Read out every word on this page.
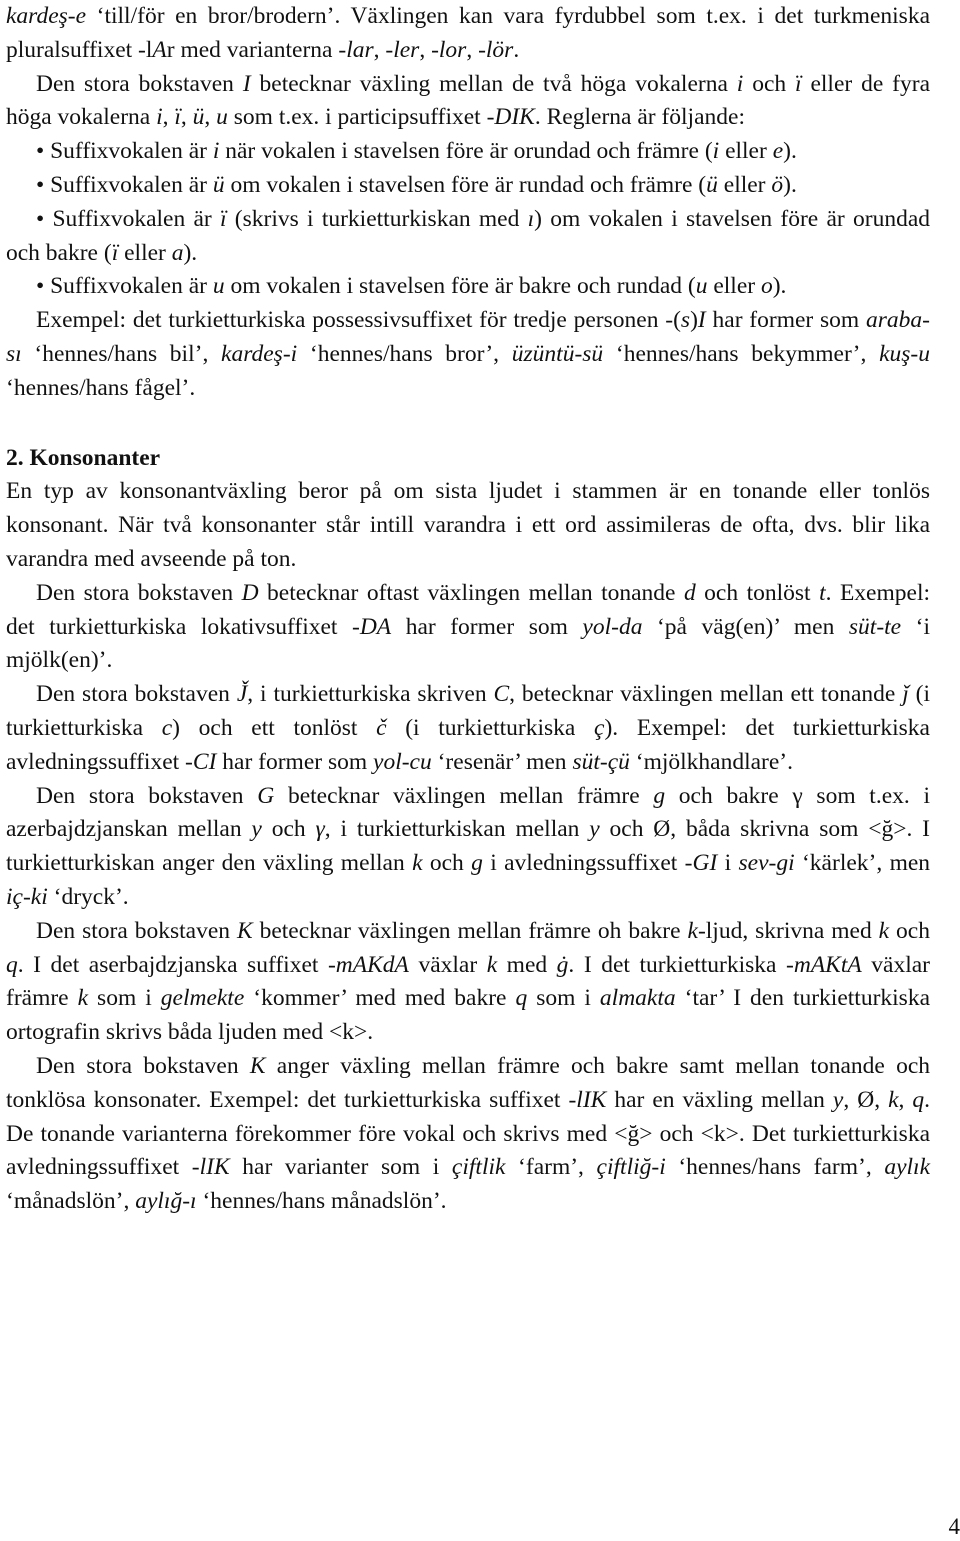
kardeş-e ‘till/för en bror/brodern’. Växlingen kan vara fyrdubbel som t.ex. i det turkmeniska pluralsuffixet -lAr med varianterna -lar, -ler, -lor, -lör.

Den stora bokstaven I betecknar växling mellan de två höga vokalerna i och ï eller de fyra höga vokalerna i, ï, ü, u som t.ex. i participsuffixet -DIK. Reglerna är följande:

• Suffixvokalen är i när vokalen i stavelsen före är orundad och främre (i eller e).

• Suffixvokalen är ü om vokalen i stavelsen före är rundad och främre (ü eller ö).

• Suffixvokalen är ï (skrivs i turkietturkiskan med ı) om vokalen i stavelsen före är orundad och bakre (ï eller a).

• Suffixvokalen är u om vokalen i stavelsen före är bakre och rundad (u eller o).

Exempel: det turkietturkiska possessivsuffixet för tredje personen -(s)I har former som araba-sı ‘hennes/hans bil’, kardeş-i ‘hennes/hans bror’, üzüntü-sü ‘hennes/hans bekymmer’, kuş-u ‘hennes/hans fågel’.

2. Konsonanter

En typ av konsonantväxling beror på om sista ljudet i stammen är en tonande eller tonlös konsonant. När två konsonanter står intill varandra i ett ord assimileras de ofta, dvs. blir lika varandra med avseende på ton.

Den stora bokstaven D betecknar oftast växlingen mellan tonande d och tonlöst t. Exempel: det turkietturkiska lokativsuffixet -DA har former som yol-da ‘på väg(en)’ men süt-te ‘i mjölk(en)’.

Den stora bokstaven J̌, i turkietturkiska skriven C, betecknar växlingen mellan ett tonande ǰ (i turkietturkiska c) och ett tonlöst č (i turkietturkiska ç). Exempel: det turkietturkiska avledningssuffixet -CI har former som yol-cu ‘resenär’ men süt-çü ‘mjölkhandlare’.

Den stora bokstaven G betecknar växlingen mellan främre g och bakre γ som t.ex. i azerbajdzjanskan mellan y och γ, i turkietturkiskan mellan y och Ø, båda skrivna som <ğ>. I turkietturkiskan anger den växling mellan k och g i avledningssuffixet -GI i sev-gi ‘kärlek’, men iç-ki ‘dryck’.

Den stora bokstaven K betecknar växlingen mellan främre oh bakre k-ljud, skrivna med k och q. I det aserbajdzjanska suffixet -mAKdA växlar k med ġ. I det turkietturkiska -mAKtA växlar främre k som i gelmekte ‘kommer’ med med bakre q som i almakta ‘tar’ I den turkietturkiska ortografin skrivs båda ljuden med <k>.

Den stora bokstaven K anger växling mellan främre och bakre samt mellan tonande och tonklösa konsonater. Exempel: det turkietturkiska suffixet -lIK har en växling mellan y, Ø, k, q. De tonande varianterna förekommer före vokal och skrivs med <ğ> och <k>. Det turkietturkiska avledningssuffixet -lIK har varianter som i çiftlik ‘farm’, çiftliğ-i ‘hennes/hans farm’, aylık ‘månadslön’, aylığ-ı ‘hennes/hans månadslön’.

4
